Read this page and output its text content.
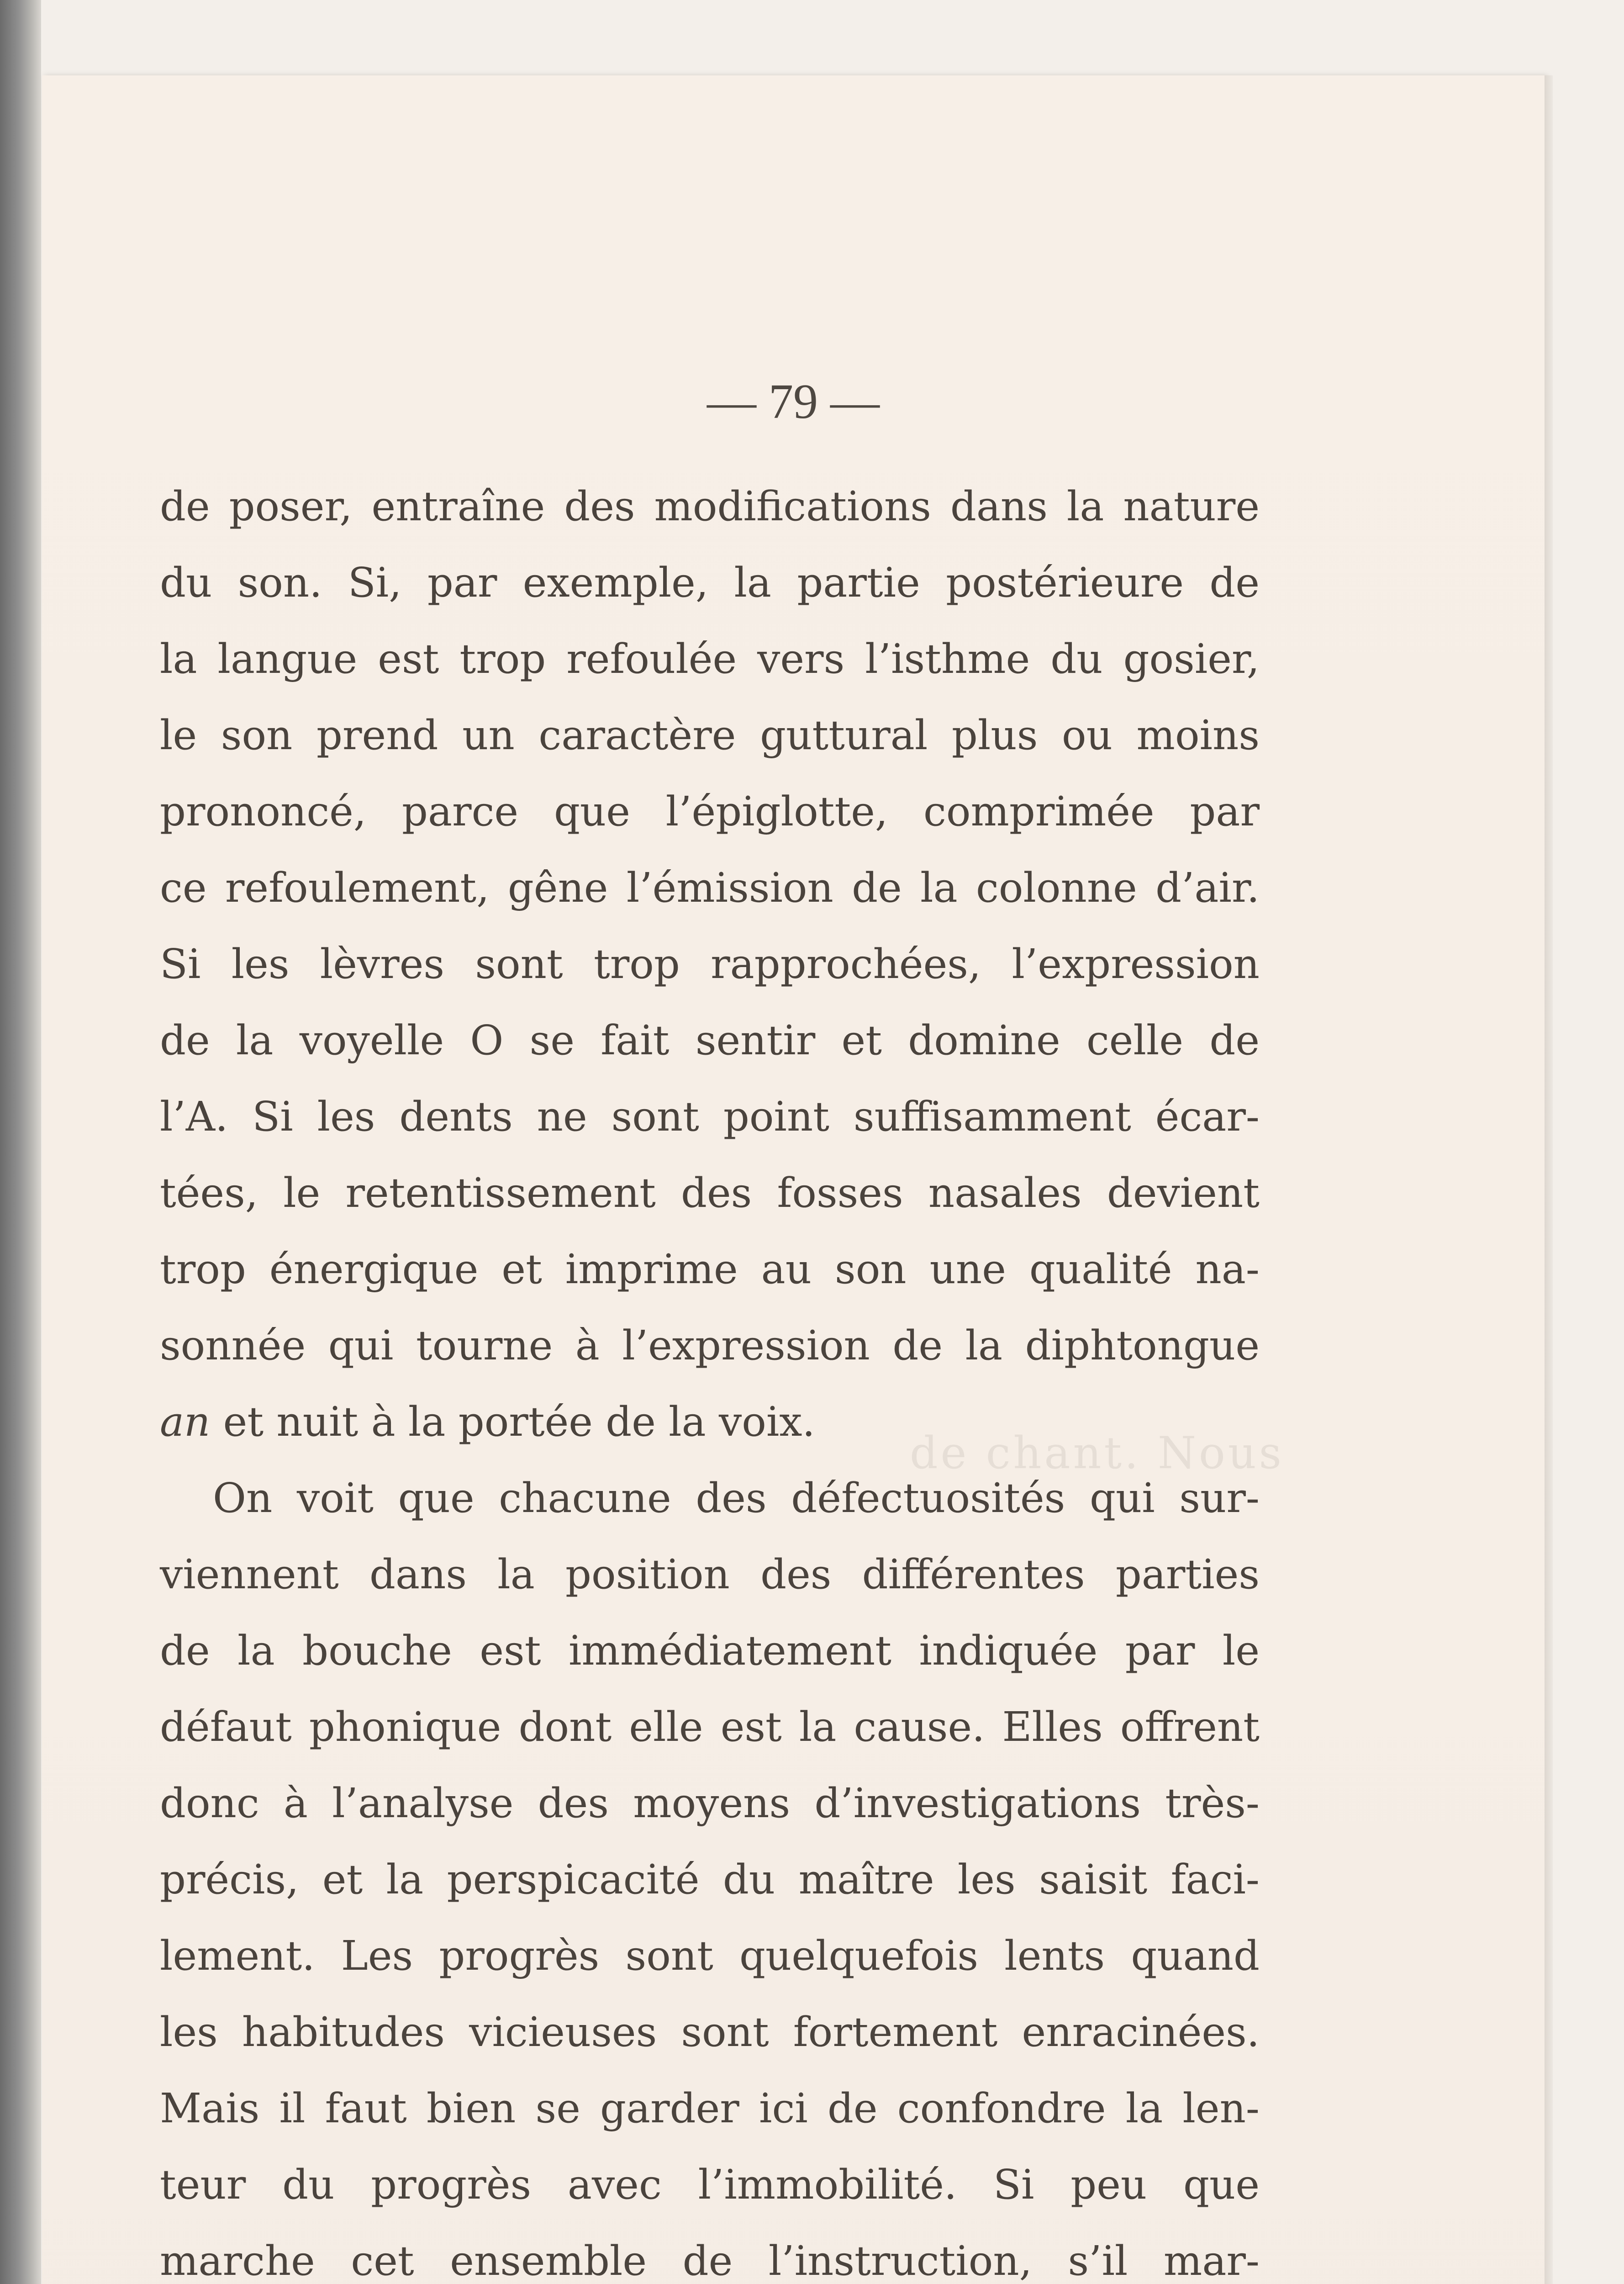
— 79 —
de chant. Nous
de poser, entraîne des modifications dans la nature
du son. Si, par exemple, la partie postérieure de
la langue est trop refoulée vers l’isthme du gosier,
le son prend un caractère guttural plus ou moins
prononcé, parce que l’épiglotte, comprimée par
ce refoulement, gêne l’émission de la colonne d’air.
Si les lèvres sont trop rapprochées, l’expression
de la voyelle O se fait sentir et domine celle de
l’A. Si les dents ne sont point suffisamment écar-
tées, le retentissement des fosses nasales devient
trop énergique et imprime au son une qualité na-
sonnée qui tourne à l’expression de la diphtongue
an et nuit à la portée de la voix.
On voit que chacune des défectuosités qui sur-
viennent dans la position des différentes parties
de la bouche est immédiatement indiquée par le
défaut phonique dont elle est la cause. Elles offrent
donc à l’analyse des moyens d’investigations très-
précis, et la perspicacité du maître les saisit faci-
lement. Les progrès sont quelquefois lents quand
les habitudes vicieuses sont fortement enracinées.
Mais il faut bien se garder ici de confondre la len-
teur du progrès avec l’immobilité. Si peu que
marche cet ensemble de l’instruction, s’il mar-
